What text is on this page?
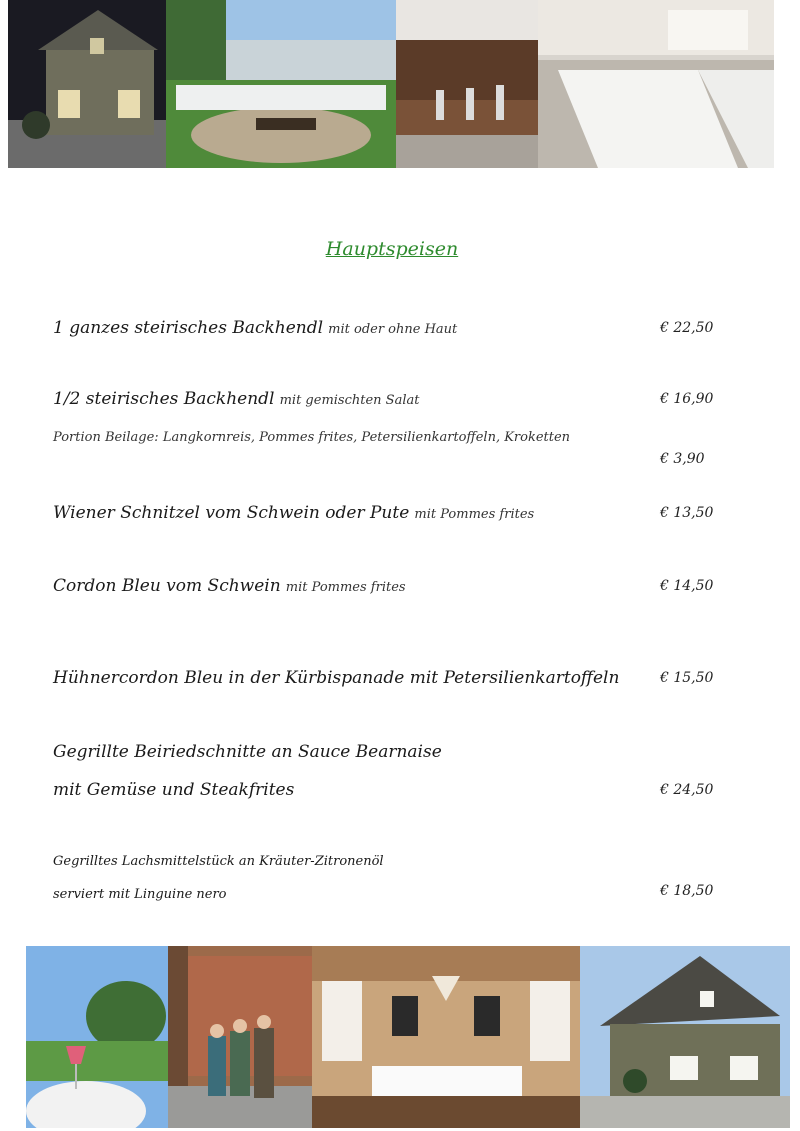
Hauptspeisen
1 ganzes steirisches Backhendl mit oder ohne Haut	€ 22,50
1/2 steirisches Backhendl mit gemischten Salat	€ 16,90
Portion Beilage: Langkornreis, Pommes frites, Petersilienkartoffeln, Kroketten
€ 3,90
Wiener Schnitzel vom Schwein oder Pute mit Pommes frites	€ 13,50
Cordon Bleu vom Schwein mit Pommes frites	€ 14,50
Hühnercordon Bleu in der Kürbispanade mit Petersilienkartoffeln	€ 15,50
Gegrillte Beiriedschnitte an Sauce Bearnaise
mit Gemüse und Steakfrites	€ 24,50
Gegrilltes Lachsmittelstück an Kräuter-Zitronenöl
serviert mit Linguine nero	€ 18,50
